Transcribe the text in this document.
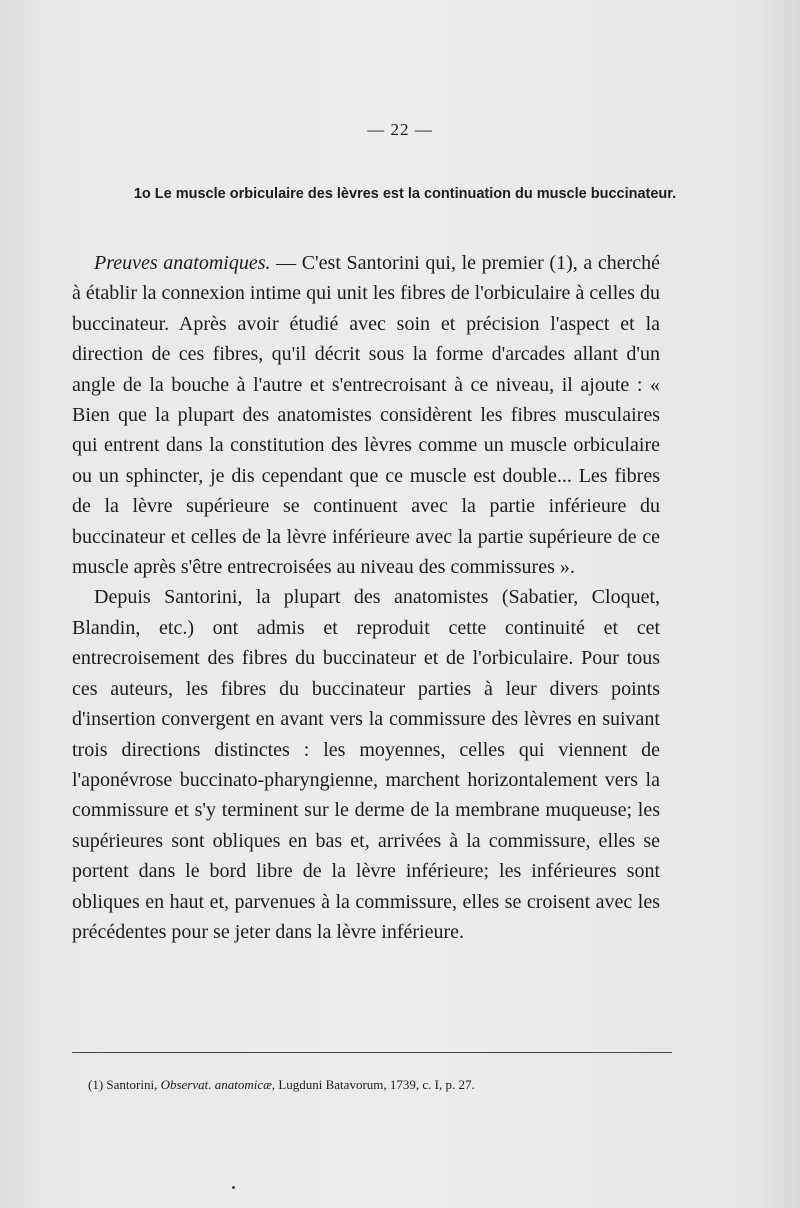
— 22 —
1o Le muscle orbiculaire des lèvres est la continuation du muscle buccinateur.

Preuves anatomiques. — C'est Santorini qui, le premier (1), a cherché à établir la connexion intime qui unit les fibres de l'orbiculaire à celles du buccinateur. Après avoir étudié avec soin et précision l'aspect et la direction de ces fibres, qu'il décrit sous la forme d'arcades allant d'un angle de la bouche à l'autre et s'entrecroisant à ce niveau, il ajoute : « Bien que la plupart des anatomistes considèrent les fibres musculaires qui entrent dans la constitution des lèvres comme un muscle orbiculaire ou un sphincter, je dis cependant que ce muscle est double... Les fibres de la lèvre supérieure se continuent avec la partie inférieure du buccinateur et celles de la lèvre inférieure avec la partie supérieure de ce muscle après s'être entrecroisées au niveau des commissures ».

Depuis Santorini, la plupart des anatomistes (Sabatier, Cloquet, Blandin, etc.) ont admis et reproduit cette continuité et cet entrecroisement des fibres du buccinateur et de l'orbiculaire. Pour tous ces auteurs, les fibres du buccinateur parties à leur divers points d'insertion convergent en avant vers la commissure des lèvres en suivant trois directions distinctes : les moyennes, celles qui viennent de l'aponévrose buccinato-pharyngienne, marchent horizontalement vers la commissure et s'y terminent sur le derme de la membrane muqueuse; les supérieures sont obliques en bas et, arrivées à la commissure, elles se portent dans le bord libre de la lèvre inférieure; les inférieures sont obliques en haut et, parvenues à la commissure, elles se croisent avec les précédentes pour se jeter dans la lèvre inférieure.

(1) Santorini, Observat. anatomicæ, Lugduni Batavorum, 1739, c. I, p. 27.
